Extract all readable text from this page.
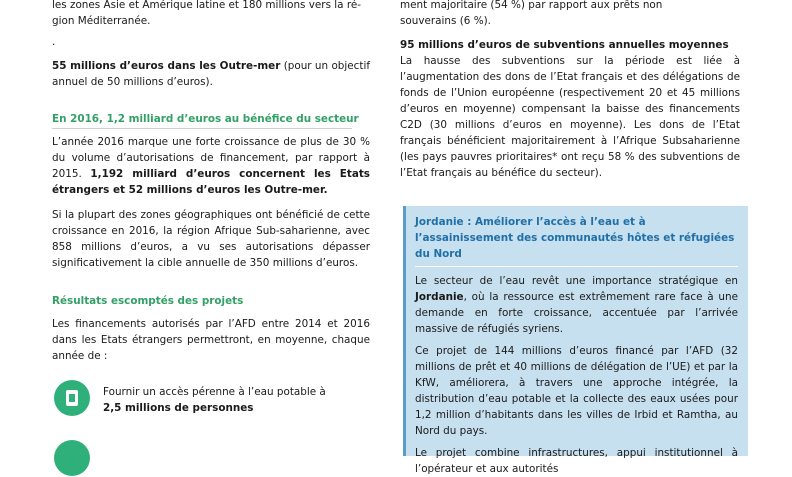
les zones Asie et Amérique latine et 180 millions vers la ré-

gion Méditerranée.

.

55 millions d’euros dans les Outre-mer (pour un objectif annuel de 50 millions d’euros).

En 2016, 1,2 milliard d’euros au bénéfice du secteur

L’année 2016 marque une forte croissance de plus de 30 % du volume d’autorisations de financement, par rapport à 2015. 1,192 milliard d’euros concernent les Etats étrangers et 52 millions d’euros les Outre-mer.

Si la plupart des zones géographiques ont bénéficié de cette croissance en 2016, la région Afrique Sub-saharienne, avec 858 millions d’euros, a vu ses autorisations dépasser significativement la cible annuelle de 350 millions d’euros.

Résultats escomptés des projets

Les financements autorisés par l’AFD entre 2014 et 2016 dans les Etats étrangers permettront, en moyenne, chaque année de :

Fournir un accès pérenne à l’eau potable à

2,5 millions de personnes

ment majoritaire (54 %) par rapport aux prêts non

souverains (6 %).

95 millions d’euros de subventions annuelles moyennes

La hausse des subventions sur la période est liée à l’augmentation des dons de l’Etat français et des délégations de fonds de l’Union européenne (respectivement 20 et 45 millions d’euros en moyenne) compensant la baisse des financements C2D (30 millions d’euros en moyenne). Les dons de l’Etat français bénéficient majoritairement à l’Afrique Subsaharienne (les pays pauvres prioritaires* ont reçu 58 % des subventions de l’Etat français au bénéfice du secteur).

Jordanie : Améliorer l’accès à l’eau et à l’assainissement des communautés hôtes et réfugiées du Nord

Le secteur de l’eau revêt une importance stratégique en Jordanie, où la ressource est extrêmement rare face à une demande en forte croissance, accentuée par l’arrivée massive de réfugiés syriens.

Ce projet de 144 millions d’euros financé par l’AFD (32 millions de prêt et 40 millions de délégation de l’UE) et par la KfW, améliorera, à travers une approche intégrée, la distribution d’eau potable et la collecte des eaux usées pour 1,2 million d’habitants dans les villes de Irbid et Ramtha, au Nord du pays.

Le projet combine infrastructures, appui institutionnel à l’opérateur et aux autorités
